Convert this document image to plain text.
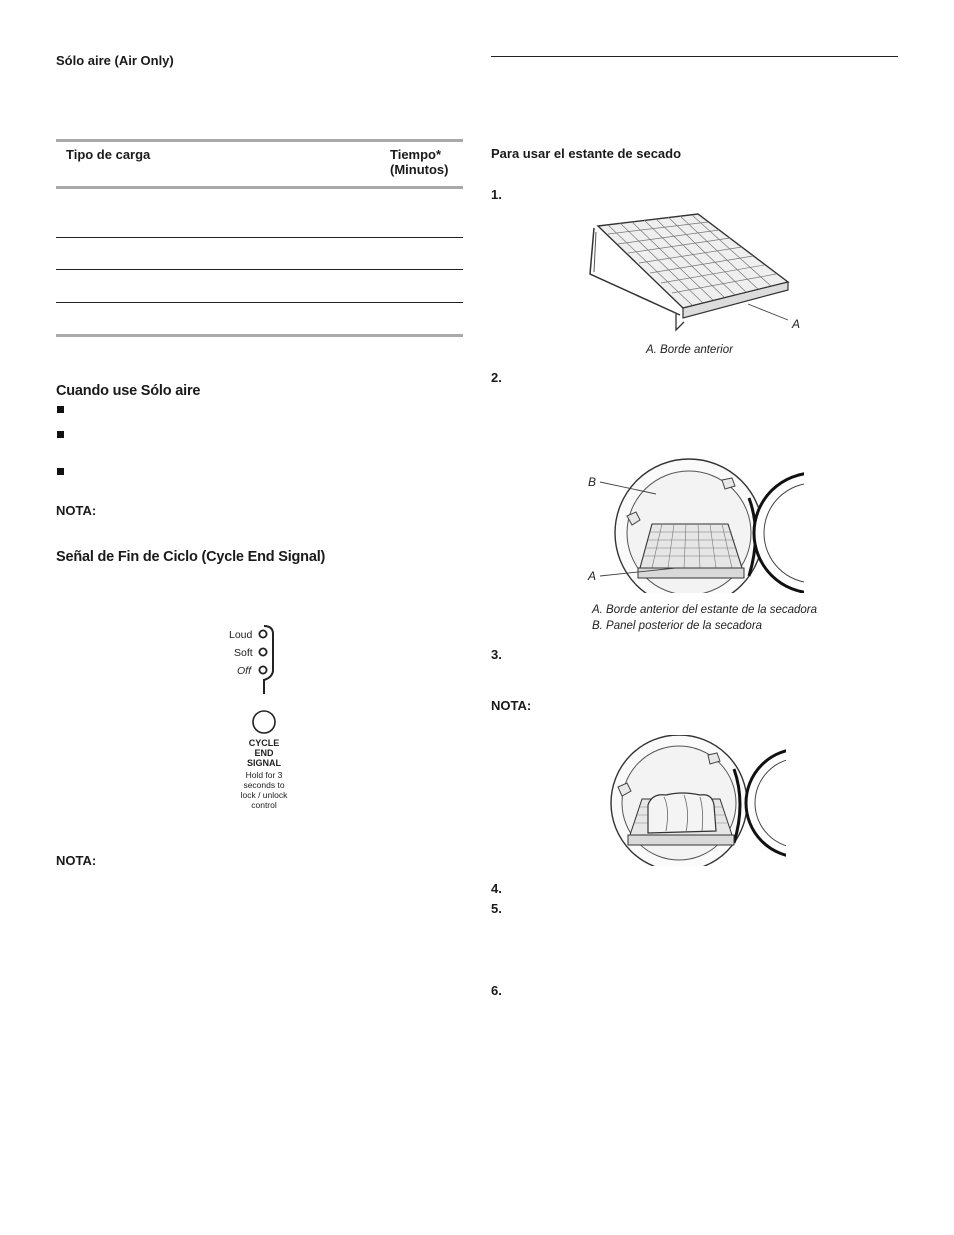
Sólo aire (Air Only)
Tipo de carga	Tiempo*
(Minutos)
Cuando use Sólo aire
NOTA:
Señal de Fin de Ciclo (Cycle End Signal)
Loud
Soft
Off
CYCLE
END
SIGNAL
Hold for 3
seconds to
lock / unlock
control
NOTA:
Para usar el estante de secado
1.
A
A. Borde anterior
2.
B
A
A. Borde anterior del estante de la secadora
B. Panel posterior de la secadora
3.
NOTA:
4.
5.
6.
